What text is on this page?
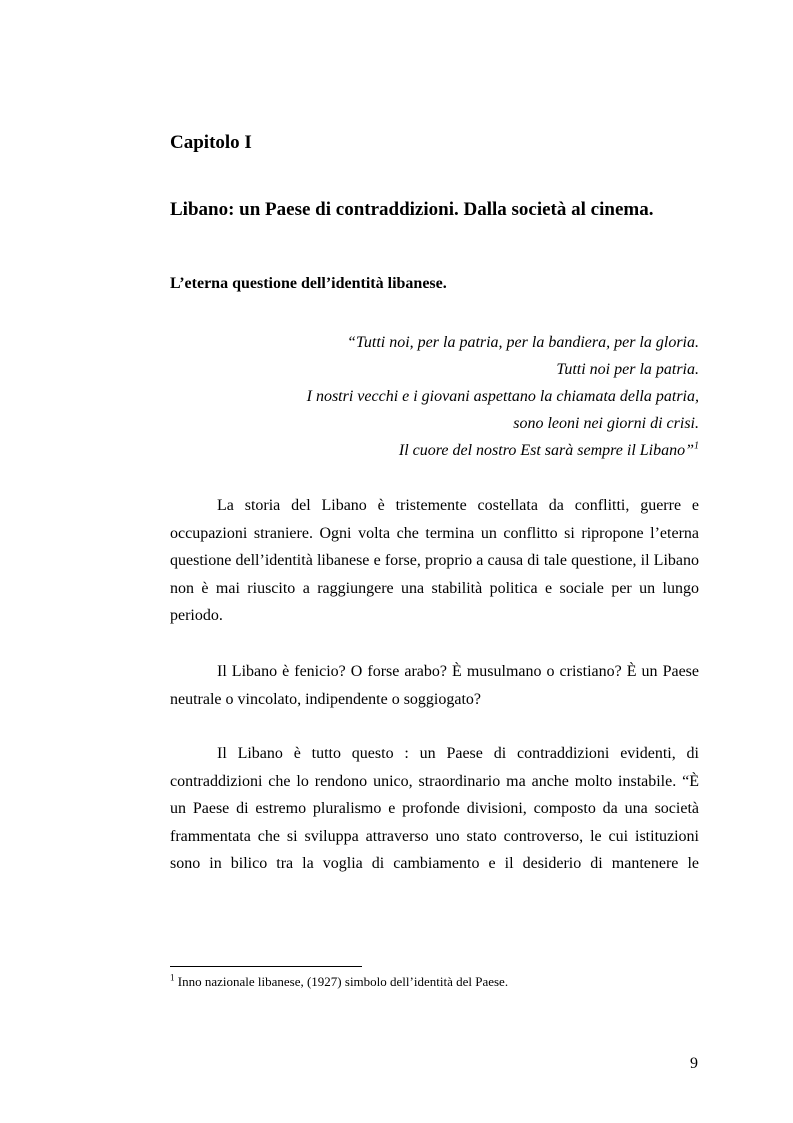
Capitolo I
Libano: un Paese di contraddizioni. Dalla società al cinema.
L’eterna questione dell’identità libanese.
“Tutti noi, per la patria, per la bandiera, per la gloria.
Tutti noi per la patria.
I nostri vecchi e i giovani aspettano la chiamata della patria,
sono leoni nei giorni di crisi.
Il cuore del nostro Est sarà sempre il Libano”$^1$

La storia del Libano è tristemente costellata da conflitti, guerre e occupazioni straniere. Ogni volta che termina un conflitto si ripropone l’eterna questione dell’identità libanese e forse, proprio a causa di tale questione, il Libano non è mai riuscito a raggiungere una stabilità politica e sociale per un lungo periodo.

Il Libano è fenicio? O forse arabo? È musulmano o cristiano? È un Paese neutrale o vincolato, indipendente o soggiogato?

Il Libano è tutto questo : un Paese di contraddizioni evidenti, di contraddizioni che lo rendono unico, straordinario ma anche molto instabile. “È un Paese di estremo pluralismo e profonde divisioni, composto da una società frammentata che si sviluppa attraverso uno stato controverso, le cui istituzioni sono in bilico tra la voglia di cambiamento e il desiderio di mantenere le

$^1$ Inno nazionale libanese, (1927) simbolo dell’identità del Paese.
9
